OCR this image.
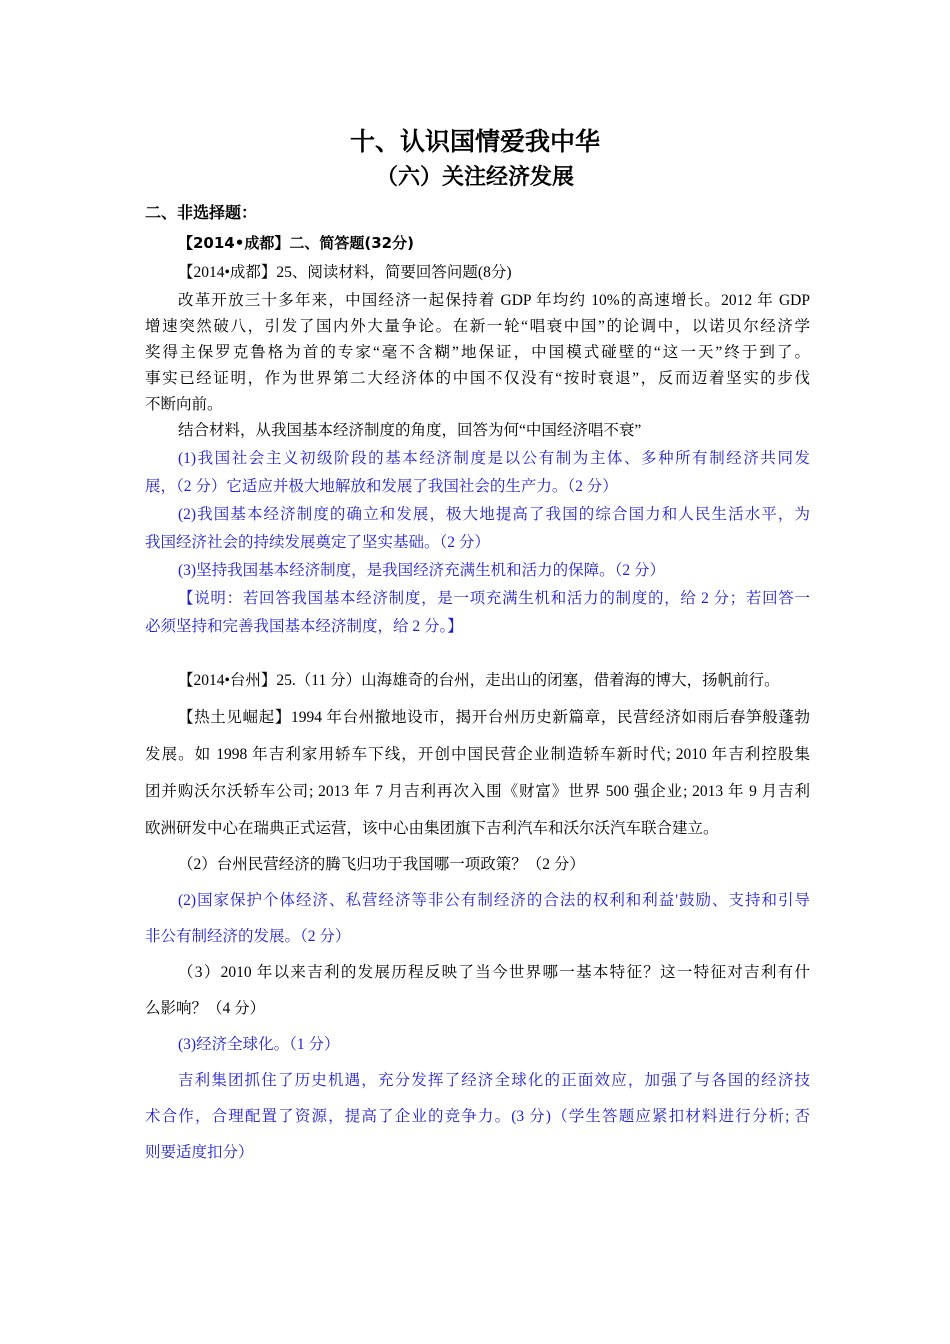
十、认识国情爱我中华
（六）关注经济发展
二、非选择题：
【2014•成都】二、简答题(32分)
【2014•成都】25、阅读材料，简要回答问题(8分)
改革开放三十多年来，中国经济一起保持着 GDP 年均约 10%的高速增长。2012 年 GDP
增速突然破八，引发了国内外大量争论。在新一轮“唱衰中国”的论调中，以诺贝尔经济学
奖得主保罗克鲁格为首的专家“毫不含糊”地保证，中国模式碰壁的“这一天”终于到了。
事实已经证明，作为世界第二大经济体的中国不仅没有“按时衰退”，反而迈着坚实的步伐
不断向前。
结合材料，从我国基本经济制度的角度，回答为何“中国经济唱不衰”
(1)我国社会主义初级阶段的基本经济制度是以公有制为主体、多种所有制经济共同发
展，（2 分）它适应并极大地解放和发展了我国社会的生产力。（2 分）
(2)我国基本经济制度的确立和发展，极大地提高了我国的综合国力和人民生活水平，为
我国经济社会的持续发展奠定了坚实基础。（2 分）
(3)坚持我国基本经济制度，是我国经济充满生机和活力的保障。（2 分）
【说明：若回答我国基本经济制度，是一项充满生机和活力的制度的，给 2 分；若回答一
必须坚持和完善我国基本经济制度，给 2 分。】
【2014•台州】25.（11 分）山海雄奇的台州，走出山的闭塞，借着海的博大，扬帆前行。
【热土见崛起】1994 年台州撤地设市，揭开台州历史新篇章，民营经济如雨后春笋般蓬勃
发展。如 1998 年吉利家用轿车下线，开创中国民营企业制造轿车新时代; 2010 年吉利控股集
团并购沃尔沃轿车公司; 2013 年 7 月吉利再次入围《财富》世界 500 强企业; 2013 年 9 月吉利
欧洲研发中心在瑞典正式运营，该中心由集团旗下吉利汽车和沃尔沃汽车联合建立。
（2）台州民营经济的腾飞归功于我国哪一项政策？（2 分）
(2)国家保护个体经济、私营经济等非公有制经济的合法的权利和利益'鼓励、支持和引导
非公有制经济的发展。（2 分）
（3）2010 年以来吉利的发展历程反映了当今世界哪一基本特征？这一特征对吉利有什
么影响？（4 分）
(3)经济全球化。（1 分）
吉利集团抓住了历史机遇，充分发挥了经济全球化的正面效应，加强了与各国的经济技
术合作，合理配置了资源，提高了企业的竞争力。(3 分)（学生答题应紧扣材料进行分析; 否
则要适度扣分）
